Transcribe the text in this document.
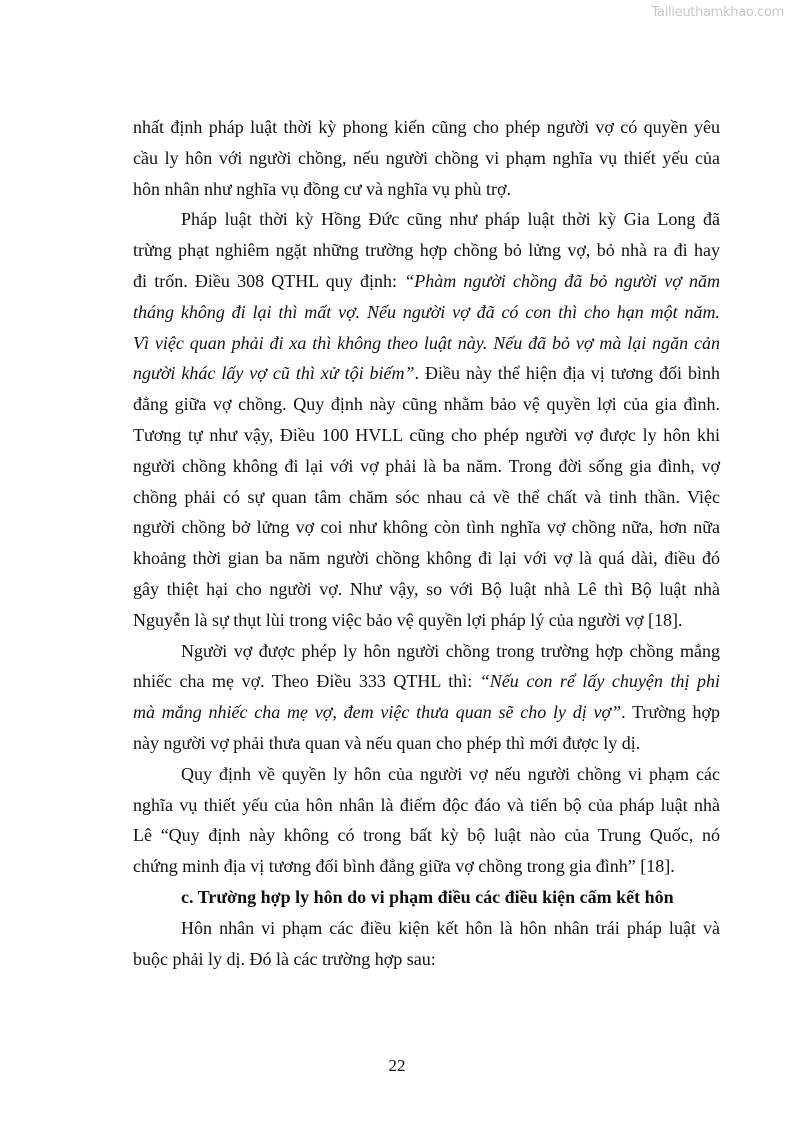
Tailieuthamkhao.com
nhất định pháp luật thời kỳ phong kiến cũng cho phép người vợ có quyền yêu
cầu ly hôn với người chồng, nếu người chồng vi phạm nghĩa vụ thiết yếu của
hôn nhân như nghĩa vụ đồng cư và nghĩa vụ phù trợ.
Pháp luật thời kỳ Hồng Đức cũng như pháp luật thời kỳ Gia Long đã
trừng phạt nghiêm ngặt những trường hợp chồng bỏ lửng vợ, bỏ nhà ra đi hay
đi trốn. Điều 308 QTHL quy định: “Phàm người chồng đã bỏ người vợ năm
tháng không đi lại thì mất vợ. Nếu người vợ đã có con thì cho hạn một năm.
Vì việc quan phải đi xa thì không theo luật này. Nếu đã bỏ vợ mà lại ngăn cản
người khác lấy vợ cũ thì xử tội biếm”. Điều này thể hiện địa vị tương đối bình
đẳng giữa vợ chồng. Quy định này cũng nhằm bảo vệ quyền lợi của gia đình.
Tương tự như vậy, Điều 100 HVLL cũng cho phép người vợ được ly hôn khi
người chồng không đi lại với vợ phải là ba năm. Trong đời sống gia đình, vợ
chồng phải có sự quan tâm chăm sóc nhau cả về thể chất và tinh thần. Việc
người chồng bở lửng vợ coi như không còn tình nghĩa vợ chồng nữa, hơn nữa
khoảng thời gian ba năm người chồng không đi lại với vợ là quá dài, điều đó
gây thiệt hại cho người vợ. Như vậy, so với Bộ luật nhà Lê thì Bộ luật nhà
Nguyễn là sự thụt lùi trong việc bảo vệ quyền lợi pháp lý của người vợ [18].
Người vợ được phép ly hôn người chồng trong trường hợp chồng mắng
nhiếc cha mẹ vợ. Theo Điều 333 QTHL thì: “Nếu con rể lấy chuyện thị phi
mà mắng nhiếc cha mẹ vợ, đem việc thưa quan sẽ cho ly dị vợ”. Trường hợp
này người vợ phải thưa quan và nếu quan cho phép thì mới được ly dị.
Quy định về quyền ly hôn của người vợ nếu người chồng vi phạm các
nghĩa vụ thiết yếu của hôn nhân là điểm độc đáo và tiến bộ của pháp luật nhà
Lê “Quy định này không có trong bất kỳ bộ luật nào của Trung Quốc, nó
chứng minh địa vị tương đối bình đẳng giữa vợ chồng trong gia đình” [18].
c. Trường hợp ly hôn do vi phạm điều các điều kiện cấm kết hôn
Hôn nhân vi phạm các điều kiện kết hôn là hôn nhân trái pháp luật và
buộc phải ly dị. Đó là các trường hợp sau:
22
